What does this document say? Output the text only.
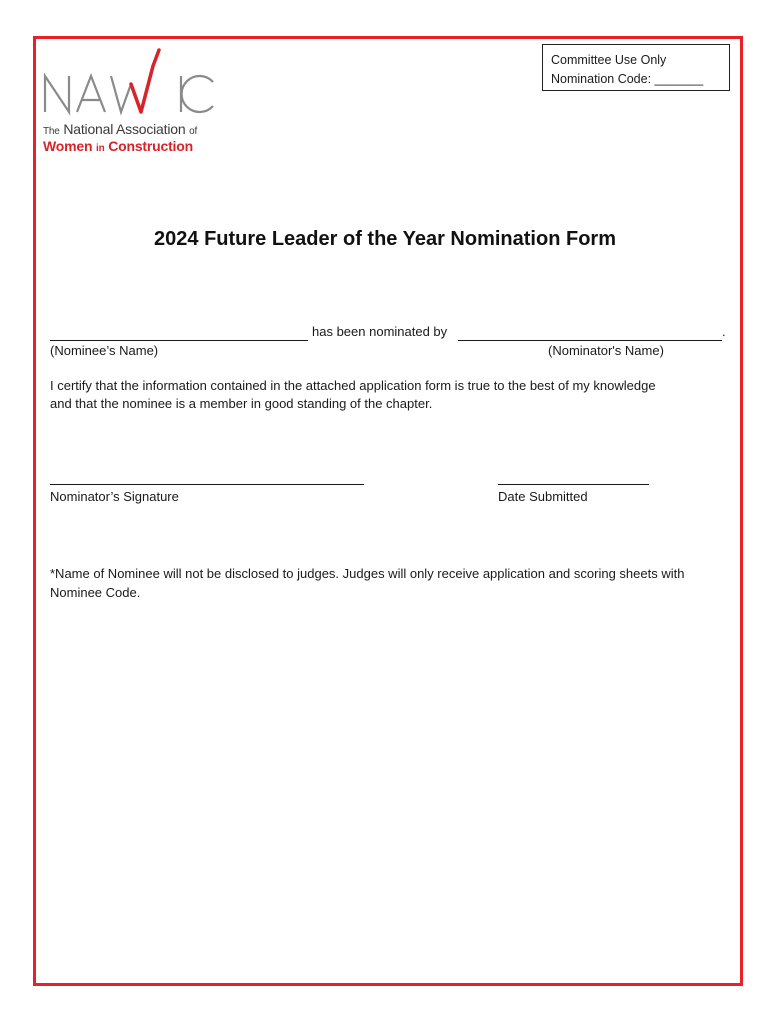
Committee Use Only
Nomination Code: _______
The National Association of
Women in Construction
2024 Future Leader of the Year Nomination Form
has been nominated by	.
(Nominee’s Name)	(Nominator's Name)
I certify that the information contained in the attached application form is true to the best of my knowledge
and that the nominee is a member in good standing of the chapter.
Nominator’s Signature	Date Submitted
*Name of Nominee will not be disclosed to judges. Judges will only receive application and scoring sheets with
Nominee Code.
